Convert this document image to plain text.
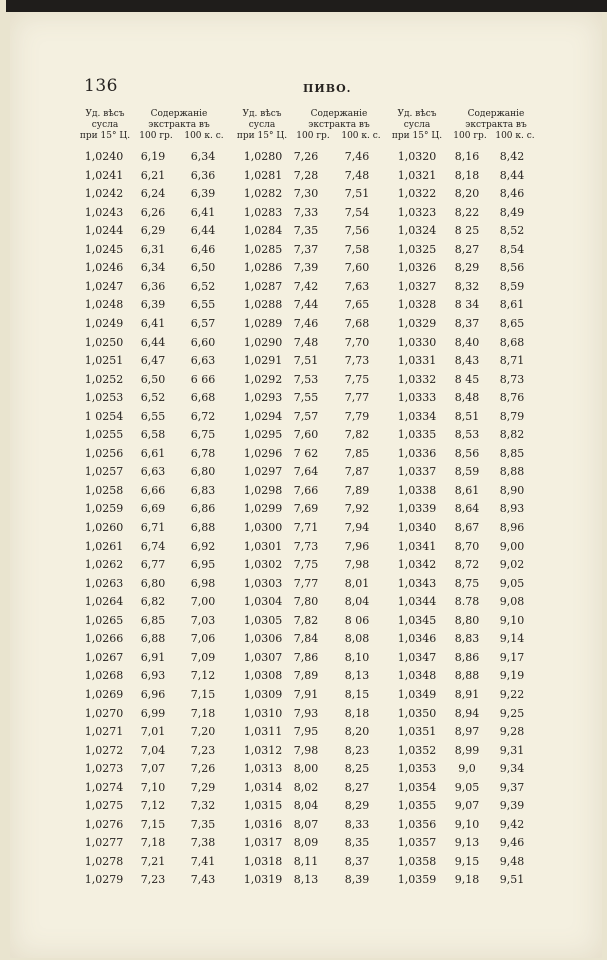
136	ПИВО.
Уд. вѣсъ
сусла
при 15° Ц.
Содержаніе
экстракта въ
100 гр.	100 к. с.
Уд. вѣсъ
сусла
при 15° Ц.
Содержаніе
экстракта въ
100 гр.	100 к. с.
Уд. вѣсъ
сусла
при 15° Ц.
Содержаніе
экстракта въ
100 гр. 100 к. с.
1,0240	6,19	6,34	1,0280	7,26	7,46	1,0320	8,16	8,42
1,0241	6,21	6,36	1,0281	7,28	7,48	1,0321	8,18	8,44
1,0242	6,24	6,39	1,0282	7,30	7,51	1,0322	8,20	8,46
1,0243	6,26	6,41	1,0283	7,33	7,54	1,0323	8,22	8,49
1,0244	6,29	6,44	1,0284	7,35	7,56	1,0324	8 25	8,52
1,0245	6,31	6,46	1,0285	7,37	7,58	1,0325	8,27	8,54
1,0246	6,34	6,50	1,0286	7,39	7,60	1,0326	8,29	8,56
1,0247	6,36	6,52	1,0287	7,42	7,63	1,0327	8,32	8,59
1,0248	6,39	6,55	1,0288	7,44	7,65	1,0328	8 34	8,61
1,0249	6,41	6,57	1,0289	7,46	7,68	1,0329	8,37	8,65
1,0250	6,44	6,60	1,0290	7,48	7,70	1,0330	8,40	8,68
1,0251	6,47	6,63	1,0291	7,51	7,73	1,0331	8,43	8,71
1,0252	6,50	6 66	1,0292	7,53	7,75	1,0332	8 45	8,73
1,0253	6,52	6,68	1,0293	7,55	7,77	1,0333	8,48	8,76
1 0254	6,55	6,72	1,0294	7,57	7,79	1,0334	8,51	8,79
1,0255	6,58	6,75	1,0295	7,60	7,82	1,0335	8,53	8,82
1,0256	6,61	6,78	1,0296	7 62	7,85	1,0336	8,56	8,85
1,0257	6,63	6,80	1,0297	7,64	7,87	1,0337	8,59	8,88
1,0258	6,66	6,83	1,0298	7,66	7,89	1,0338	8,61	8,90
1,0259	6,69	6,86	1,0299	7,69	7,92	1,0339	8,64	8,93
1,0260	6,71	6,88	1,0300	7,71	7,94	1,0340	8,67	8,96
1,0261	6,74	6,92	1,0301	7,73	7,96	1,0341	8,70	9,00
1,0262	6,77	6,95	1,0302	7,75	7,98	1,0342	8,72	9,02
1,0263	6,80	6,98	1,0303	7,77	8,01	1,0343	8,75	9,05
1,0264	6,82	7,00	1,0304	7,80	8,04	1,0344	8.78	9,08
1,0265	6,85	7,03	1,0305	7,82	8 06	1,0345	8,80	9,10
1,0266	6,88	7,06	1,0306	7,84	8,08	1,0346	8,83	9,14
1,0267	6,91	7,09	1,0307	7,86	8,10	1,0347	8,86	9,17
1,0268	6,93	7,12	1,0308	7,89	8,13	1,0348	8,88	9,19
1,0269	6,96	7,15	1,0309	7,91	8,15	1,0349	8,91	9,22
1,0270	6,99	7,18	1,0310	7,93	8,18	1,0350	8,94	9,25
1,0271	7,01	7,20	1,0311	7,95	8,20	1,0351	8,97	9,28
1,0272	7,04	7,23	1,0312	7,98	8,23	1,0352	8,99	9,31
1,0273	7,07	7,26	1,0313	8,00	8,25	1,0353	9,0	9,34
1,0274	7,10	7,29	1,0314	8,02	8,27	1,0354	9,05	9,37
1,0275	7,12	7,32	1,0315	8,04	8,29	1,0355	9,07	9,39
1,0276	7,15	7,35	1,0316	8,07	8,33	1,0356	9,10	9,42
1,0277	7,18	7,38	1,0317	8,09	8,35	1,0357	9,13	9,46
1,0278	7,21	7,41	1,0318	8,11	8,37	1,0358	9,15	9,48
1,0279	7,23	7,43	1,0319	8,13	8,39	1,0359	9,18	9,51
